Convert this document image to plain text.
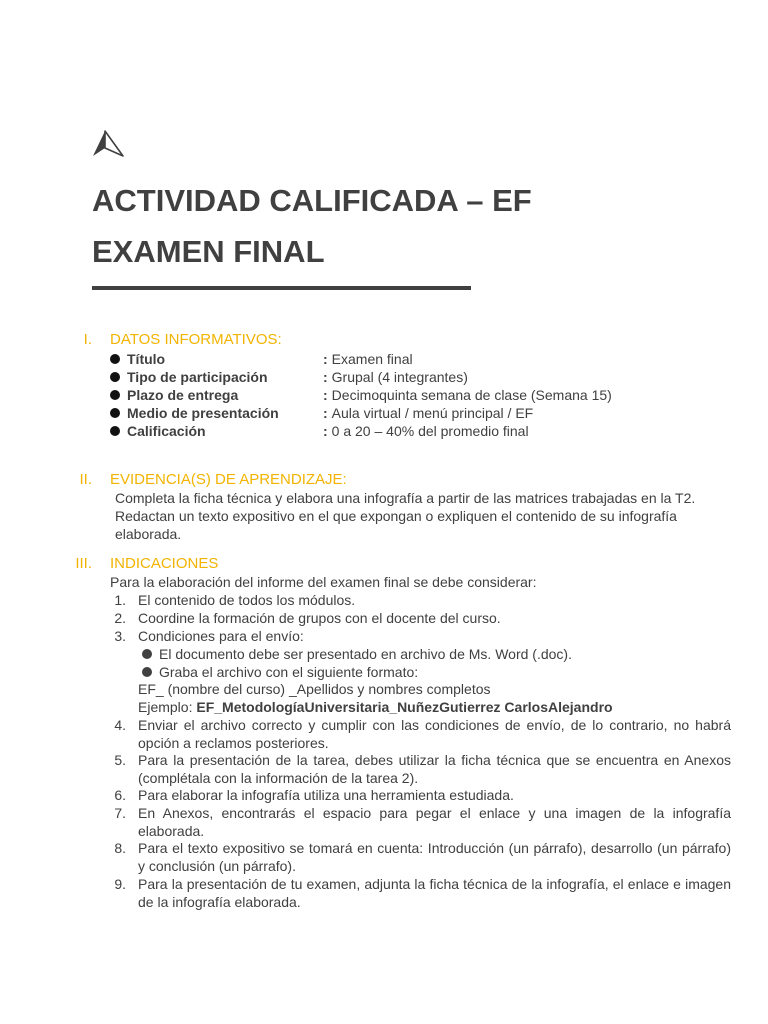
ACTIVIDAD CALIFICADA – EF
EXAMEN FINAL
I. DATOS INFORMATIVOS:
Título	: Examen final
Tipo de participación	: Grupal (4 integrantes)
Plazo de entrega	: Decimoquinta semana de clase (Semana 15)
Medio de presentación	: Aula virtual / menú principal / EF
Calificación	: 0 a 20 – 40% del promedio final
II. EVIDENCIA(S) DE APRENDIZAJE:
Completa la ficha técnica y elabora una infografía a partir de las matrices trabajadas en la T2.
Redactan un texto expositivo en el que expongan o expliquen el contenido de su infografía
elaborada.
III. INDICACIONES
Para la elaboración del informe del examen final se debe considerar:
1. El contenido de todos los módulos.
2. Coordine la formación de grupos con el docente del curso.
3. Condiciones para el envío:
El documento debe ser presentado en archivo de Ms. Word (.doc).
Graba el archivo con el siguiente formato:
EF_ (nombre del curso) _Apellidos y nombres completos
Ejemplo: EF_MetodologíaUniversitaria_NuñezGutierrez CarlosAlejandro
4. Enviar el archivo correcto y cumplir con las condiciones de envío, de lo contrario, no habrá opción a reclamos posteriores.
5. Para la presentación de la tarea, debes utilizar la ficha técnica que se encuentra en Anexos (complétala con la información de la tarea 2).
6. Para elaborar la infografía utiliza una herramienta estudiada.
7. En Anexos, encontrarás el espacio para pegar el enlace y una imagen de la infografía elaborada.
8. Para el texto expositivo se tomará en cuenta: Introducción (un párrafo), desarrollo (un párrafo) y conclusión (un párrafo).
9. Para la presentación de tu examen, adjunta la ficha técnica de la infografía, el enlace e imagen de la infografía elaborada.
